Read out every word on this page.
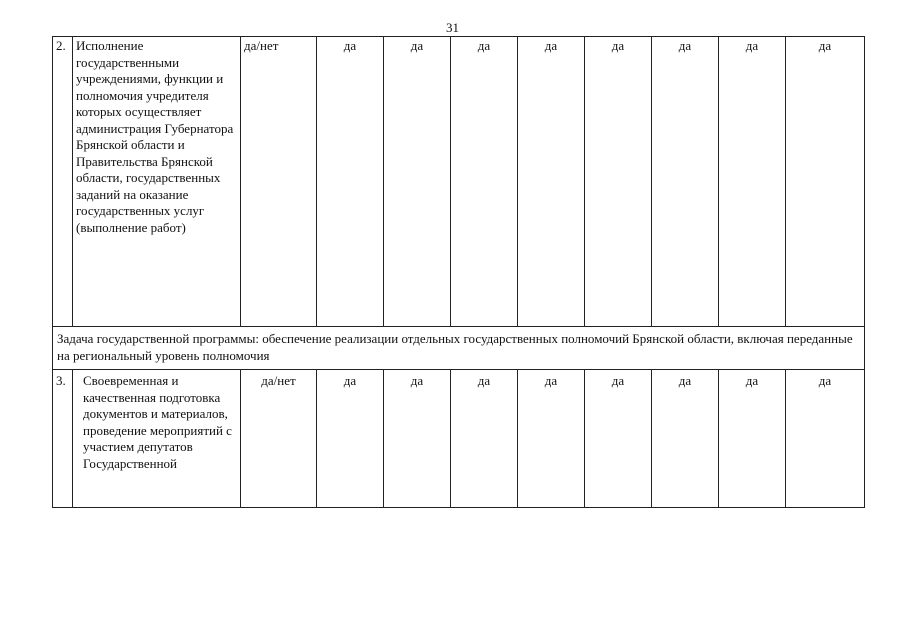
31
2.	Исполнение государственными учреждениями, функции и полномочия учредителя которых осуществляет администрация Губернатора Брянской области и Правительства Брянской области, государственных заданий на оказание государственных услуг (выполнение работ)	да/нет	да	да	да	да	да	да	да	да
Задача государственной программы: обеспечение реализации отдельных государственных полномочий Брянской области, включая переданные на региональный уровень полномочия										
3.	Своевременная и качественная подготовка документов и материалов, проведение мероприятий с участием депутатов Государственной	да/нет	да	да	да	да	да	да	да	да
